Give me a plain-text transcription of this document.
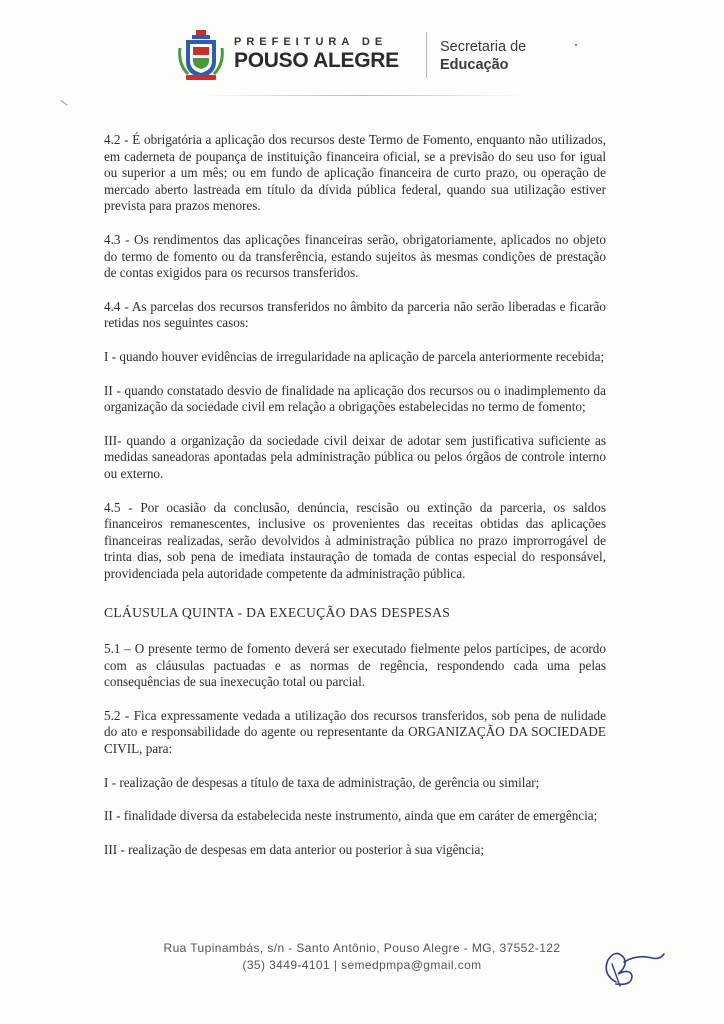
PREFEITURA DE
POUSO ALEGRE
Secretaria de
Educação

4.2 - É obrigatória a aplicação dos recursos deste Termo de Fomento, enquanto não utilizados, em caderneta de poupança de instituição financeira oficial, se a previsão do seu uso for igual ou superior a um mês; ou em fundo de aplicação financeira de curto prazo, ou operação de mercado aberto lastreada em título da dívida pública federal, quando sua utilização estiver prevista para prazos menores.

4.3 - Os rendimentos das aplicações financeiras serão, obrigatoriamente, aplicados no objeto do termo de fomento ou da transferência, estando sujeitos às mesmas condições de prestação de contas exigidos para os recursos transferidos.

4.4 - As parcelas dos recursos transferidos no âmbito da parceria não serão liberadas e ficarão retidas nos seguintes casos:

I - quando houver evidências de irregularidade na aplicação de parcela anteriormente recebida;

II - quando constatado desvio de finalidade na aplicação dos recursos ou o inadimplemento da organização da sociedade civil em relação a obrigações estabelecidas no termo de fomento;

III- quando a organização da sociedade civil deixar de adotar sem justificativa suficiente as medidas saneadoras apontadas pela administração pública ou pelos órgãos de controle interno ou externo.

4.5 - Por ocasião da conclusão, denúncia, rescisão ou extinção da parceria, os saldos financeiros remanescentes, inclusive os provenientes das receitas obtidas das aplicações financeiras realizadas, serão devolvidos à administração pública no prazo improrrogável de trinta dias, sob pena de imediata instauração de tomada de contas especial do responsável, providenciada pela autoridade competente da administração pública.

CLÁUSULA QUINTA - DA EXECUÇÃO DAS DESPESAS

5.1 – O presente termo de fomento deverá ser executado fielmente pelos partícipes, de acordo com as cláusulas pactuadas e as normas de regência, respondendo cada uma pelas consequências de sua inexecução total ou parcial.

5.2 - Fica expressamente vedada a utilização dos recursos transferidos, sob pena de nulidade do ato e responsabilidade do agente ou representante da ORGANIZAÇÃO DA SOCIEDADE CIVIL, para:

I - realização de despesas a título de taxa de administração, de gerência ou similar;

II - finalidade diversa da estabelecida neste instrumento, ainda que em caráter de emergência;

III - realização de despesas em data anterior ou posterior à sua vigência;

Rua Tupinambás, s/n - Santo Antônio, Pouso Alegre - MG, 37552-122
(35) 3449-4101 | semedpmpa@gmail.com
